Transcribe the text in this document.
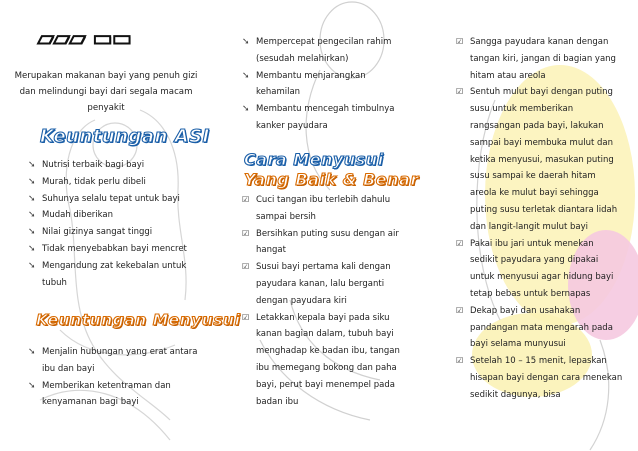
▰▰▰ ▬▬
Merupakan makanan bayi yang penuh gizi dan melindungi bayi dari segala macam penyakit
Keuntungan ASI
➘ Nutrisi terbaik bagi bayi
➘ Murah, tidak perlu dibeli
➘ Suhunya selalu tepat untuk bayi
➘ Mudah diberikan
➘ Nilai gizinya sangat tinggi
➘ Tidak menyebabkan bayi mencret
➘ Mengandung zat kekebalan untuk tubuh
Keuntungan Menyusui
➘ Menjalin hubungan yang erat antara ibu dan bayi
➘ Memberikan ketentraman dan kenyamanan bagi bayi
➘ Mempercepat pengecilan rahim (sesudah melahirkan)
➘ Membantu menjarangkan kehamilan
➘ Membantu mencegah timbulnya kanker payudara
Cara Menyusui
Yang Baik & Benar
☑ Cuci tangan ibu terlebih dahulu sampai bersih
☑ Bersihkan puting susu dengan air hangat
☑ Susui bayi pertama kali dengan payudara kanan, lalu berganti dengan payudara kiri
☑ Letakkan kepala bayi pada siku kanan bagian dalam, tubuh bayi menghadap ke badan ibu, tangan ibu memegang bokong dan paha bayi, perut bayi menempel pada badan ibu
☑ Sangga payudara kanan dengan tangan kiri, jangan di bagian yang hitam atau areola
☑ Sentuh mulut bayi dengan puting susu untuk memberikan rangsangan pada bayi, lakukan sampai bayi membuka mulut dan ketika menyusui, masukan puting susu sampai ke daerah hitam areola ke mulut bayi sehingga puting susu terletak diantara lidah dan langit-langit mulut bayi
☑ Pakai ibu jari untuk menekan sedikit payudara yang dipakai untuk menyusui agar hidung bayi tetap bebas untuk bernapas
☑ Dekap bayi dan usahakan pandangan mata mengarah pada bayi selama munyusui
☑ Setelah 10 – 15 menit, lepaskan hisapan bayi dengan cara menekan sedikit dagunya, bisa
